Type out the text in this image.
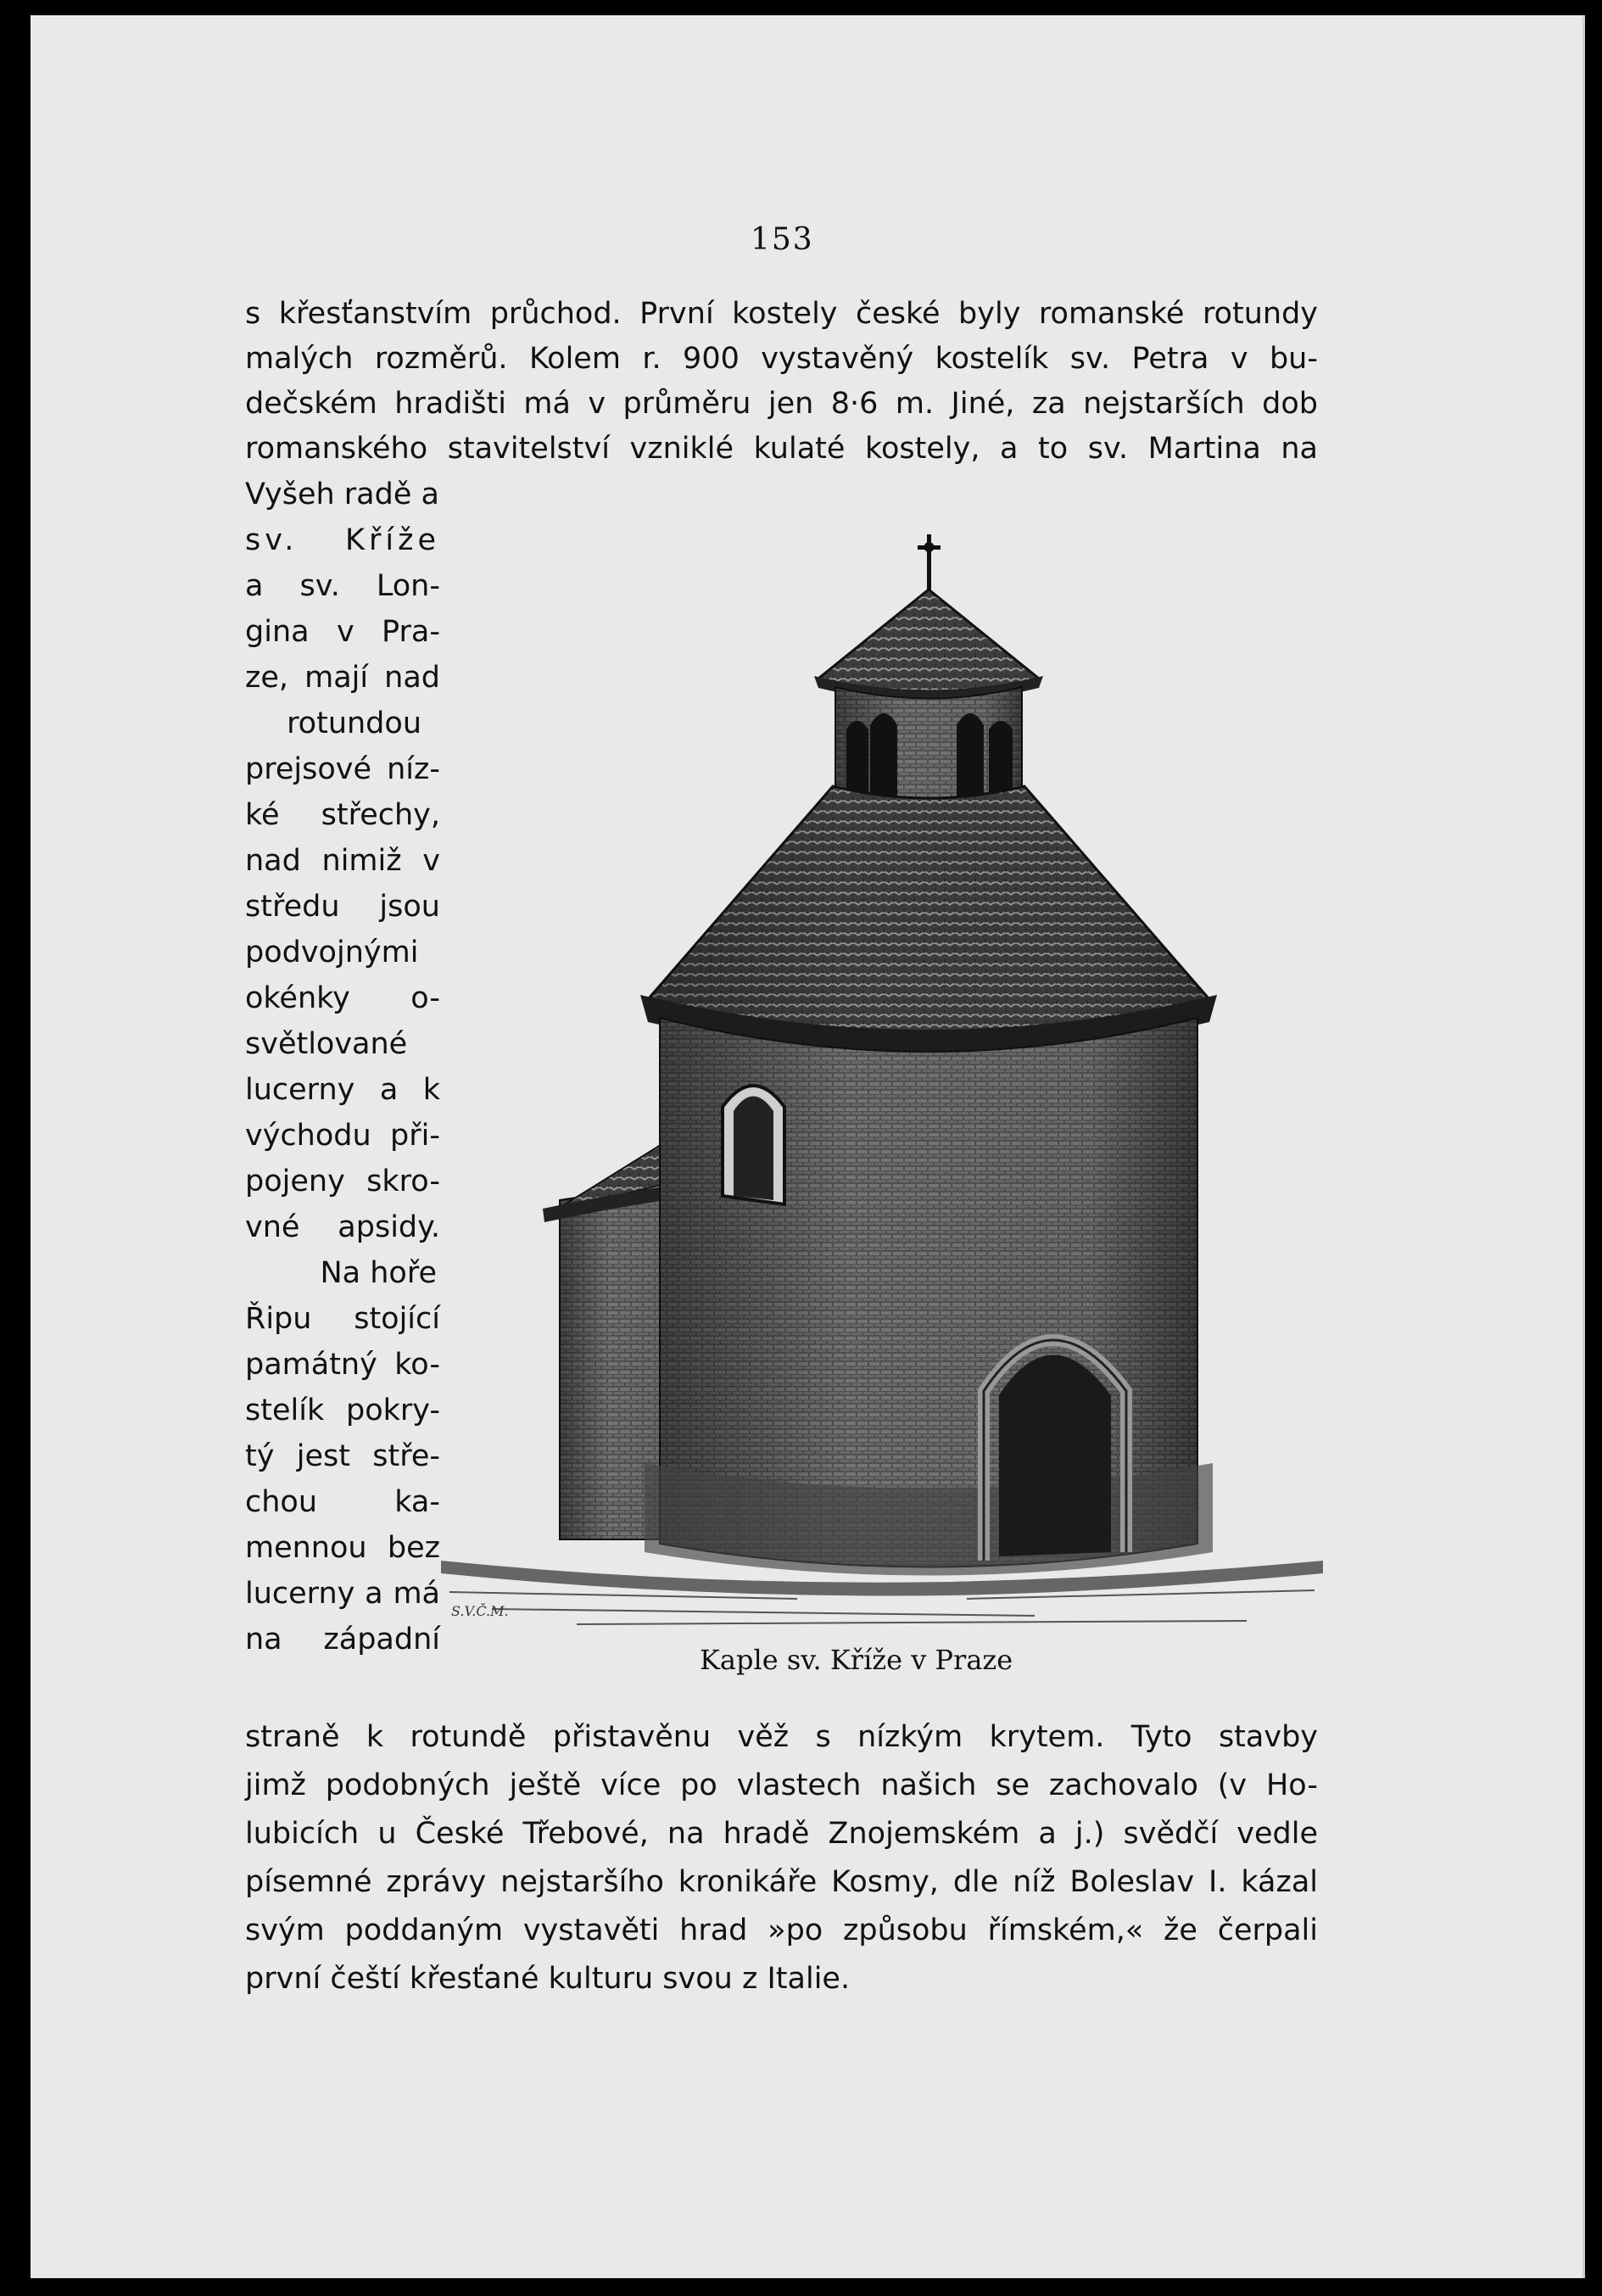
153
s křesťanstvím průchod. První kostely české byly romanské rotundy
malých rozměrů. Kolem r. 900 vystavěný kostelík sv. Petra v bu-
dečském hradišti má v průměru jen 8·6 m. Jiné, za nejstarších dob
romanského stavitelství vzniklé kulaté kostely, a to sv. Martina na
Vyšeh radě a
sv. Kříže
a sv. Lon-
gina v Pra-
ze, mají nad
rotundou
prejsové níz-
ké střechy,
nad nimiž v
středu jsou
podvojnými
okénky o-
světlované
lucerny a k
východu při-
pojeny skro-
vné apsidy.
Na hoře
Řipu stojící
památný ko-
stelík pokry-
tý jest stře-
chou ka-
mennou bez
lucerny a má
na západní
S.V.Č.M.
Kaple sv. Kříže v Praze
straně k rotundě přistavěnu věž s nízkým krytem. Tyto stavby
jimž podobných ještě více po vlastech našich se zachovalo (v Ho-
lubicích u České Třebové, na hradě Znojemském a j.) svědčí vedle
písemné zprávy nejstaršího kronikáře Kosmy, dle níž Boleslav I. kázal
svým poddaným vystavěti hrad »po způsobu římském,« že čerpali
první čeští křesťané kulturu svou z Italie.
